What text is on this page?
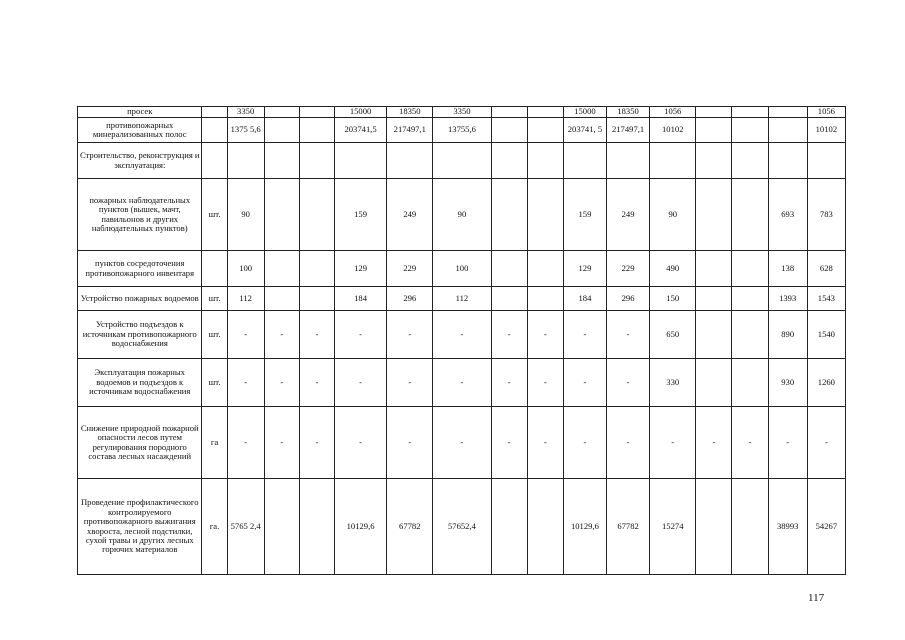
просек		3350			15000	18350	3350			15000	18350	1056				1056
противопожарных минерализованных полос		1375 5,6			203741,5	217497,1	13755,6			203741, 5	217497,1	10102				10102
Строительство, реконструкция и эксплуатация:																
пожарных наблюдательных пунктов (вышек, мачт, павильонов и других наблюдательных пунктов)	шт.	90			159	249	90			159	249	90			693	783
пунктов сосредоточения противопожарного инвентаря		100			129	229	100			129	229	490			138	628
Устройство пожарных водоемов	шт.	112			184	296	112			184	296	150			1393	1543
Устройство подъездов к источникам противопожарного водоснабжения	шт.	-	-	-	-	-	-	-	-	-	-	650			890	1540
Эксплуатация пожарных водоемов и подъездов к источникам водоснабжения	шт.	-	-	-	-	-	-	-	-	-	-	330			930	1260
Снижение природной пожарной опасности лесов путем регулирования породного состава лесных насаждений	га	-	-	-	-	-	-	-	-	-	-	-	-	-	-	-
Проведение профилактического контролируемого противопожарного выжигания хвороста, лесной подстилки, сухой травы и других лесных горючих материалов	га.	5765 2,4			10129,6	67782	57652,4			10129,6	67782	15274			38993	54267
117
